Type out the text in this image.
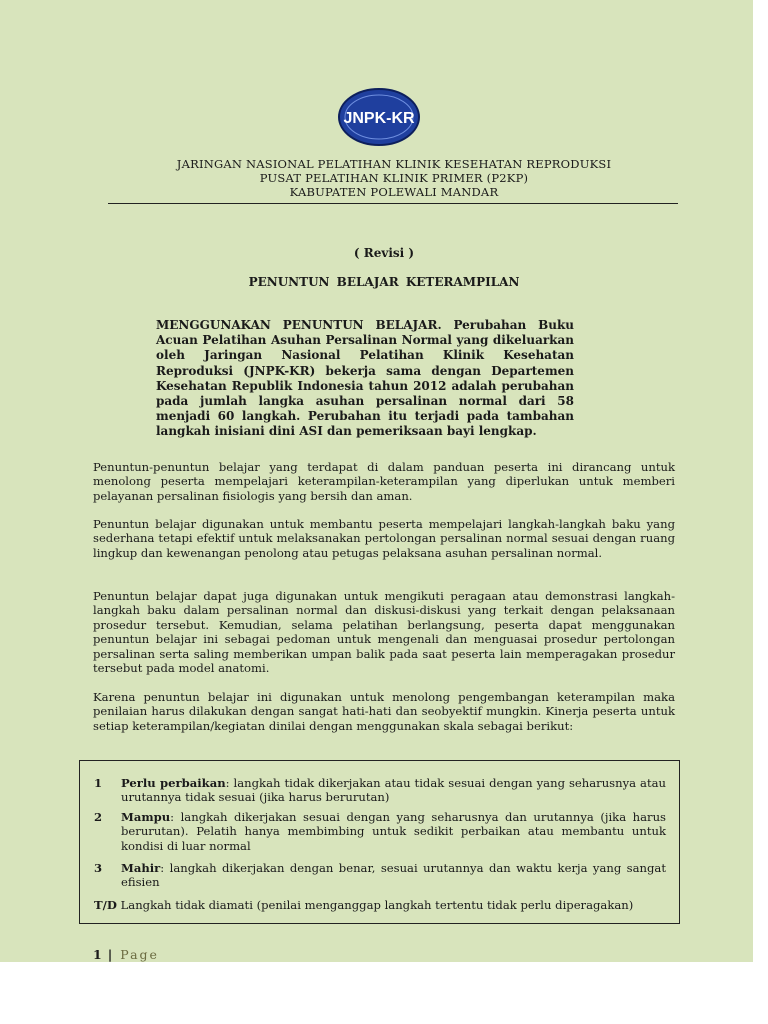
JNPK-KR
JARINGAN NASIONAL PELATIHAN KLINIK KESEHATAN REPRODUKSI
PUSAT PELATIHAN KLINIK PRIMER (P2KP)
KABUPATEN POLEWALI MANDAR
( Revisi )
PENUNTUN BELAJAR KETERAMPILAN
MENGGUNAKAN PENUNTUN BELAJAR. Perubahan Buku Acuan Pelatihan Asuhan Persalinan Normal yang dikeluarkan oleh Jaringan Nasional Pelatihan Klinik Kesehatan Reproduksi (JNPK-KR) bekerja sama dengan Departemen Kesehatan Republik Indonesia tahun 2012 adalah perubahan pada jumlah langka asuhan persalinan normal dari 58 menjadi 60 langkah. Perubahan itu terjadi pada tambahan langkah inisiani dini ASI dan pemeriksaan bayi lengkap.
Penuntun-penuntun belajar yang terdapat di dalam panduan peserta ini dirancang untuk menolong peserta mempelajari keterampilan-keterampilan yang diperlukan untuk memberi pelayanan persalinan fisiologis yang bersih dan aman.
Penuntun belajar digunakan untuk membantu peserta mempelajari langkah-langkah baku yang sederhana tetapi efektif untuk melaksanakan pertolongan persalinan normal sesuai dengan ruang lingkup dan kewenangan penolong atau petugas pelaksana asuhan persalinan normal.
Penuntun belajar dapat juga digunakan untuk mengikuti peragaan atau demonstrasi langkah-langkah baku dalam persalinan normal dan diskusi-diskusi yang terkait dengan pelaksanaan prosedur tersebut. Kemudian, selama pelatihan berlangsung, peserta dapat menggunakan penuntun belajar ini sebagai pedoman untuk mengenali dan menguasai prosedur pertolongan persalinan serta saling memberikan umpan balik pada saat peserta lain memperagakan prosedur tersebut pada model anatomi.
Karena penuntun belajar ini digunakan untuk menolong pengembangan keterampilan maka penilaian harus dilakukan dengan sangat hati-hati dan seobyektif mungkin. Kinerja peserta untuk setiap keterampilan/kegiatan dinilai dengan menggunakan skala sebagai berikut:
1 Perlu perbaikan: langkah tidak dikerjakan atau tidak sesuai dengan yang seharusnya atau urutannya tidak sesuai (jika harus berurutan)
2 Mampu: langkah dikerjakan sesuai dengan yang seharusnya dan urutannya (jika harus berurutan). Pelatih hanya membimbing untuk sedikit perbaikan atau membantu untuk kondisi di luar normal
3 Mahir: langkah dikerjakan dengan benar, sesuai urutannya dan waktu kerja yang sangat efisien
T/D Langkah tidak diamati (penilai menganggap langkah tertentu tidak perlu diperagakan)
1 | Page
